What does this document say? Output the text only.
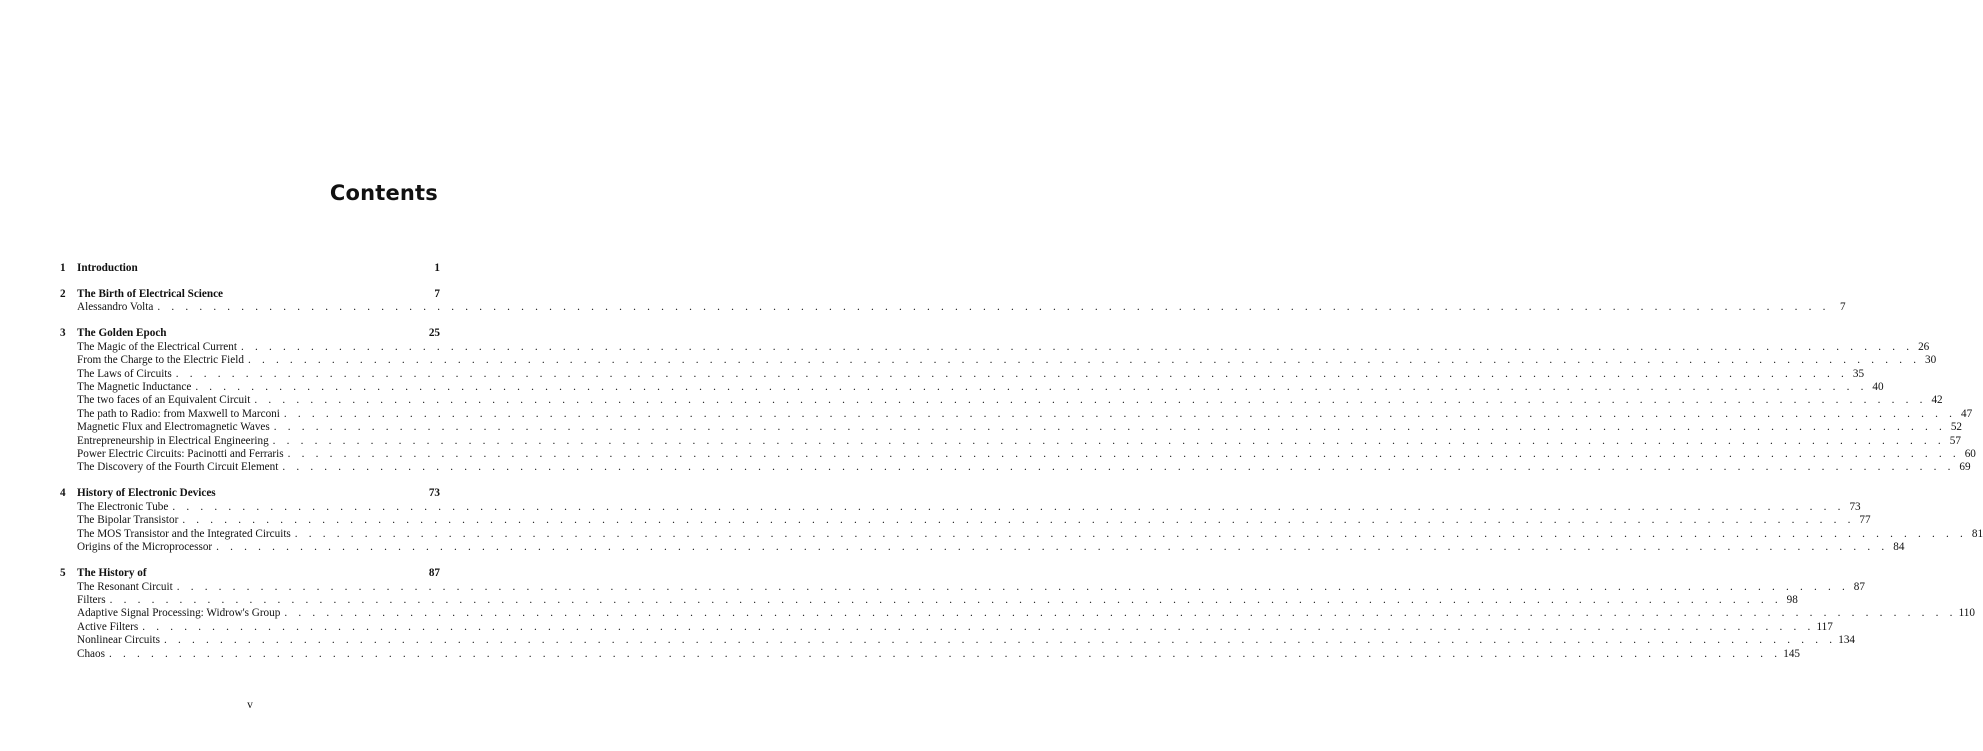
Contents
1	Introduction	1
2	The Birth of Electrical Science	7
Alessandro Volta . . . . . . . . . . . . . . . . . . . . . . . . . . . . . . . . . . . . . . . . . . . . . . . . . . . . . . . . . . . . . . . . . . . . . . . . . . . . . . . . . . . . . . . . . . . . . . . . . . . . . . . . . . . . . . . . . . . . . . . . 7
3	The Golden Epoch	25
The Magic of the Electrical Current . . . . . . . . . . . . . . . . . . . . . . . . . . . . . . . . . . . . . . . . . . . . . . . . . . . . . . . . . . . . . . . . . . . . . . . . . . . . . . . . . . . . . . . . . . . . . . . . . . . . . . . . . . . . . . . . . . . . . . . . 26
From the Charge to the Electric Field . . . . . . . . . . . . . . . . . . . . . . . . . . . . . . . . . . . . . . . . . . . . . . . . . . . . . . . . . . . . . . . . . . . . . . . . . . . . . . . . . . . . . . . . . . . . . . . . . . . . . . . . . . . . . . . . . . . . . . . . 30
The Laws of Circuits . . . . . . . . . . . . . . . . . . . . . . . . . . . . . . . . . . . . . . . . . . . . . . . . . . . . . . . . . . . . . . . . . . . . . . . . . . . . . . . . . . . . . . . . . . . . . . . . . . . . . . . . . . . . . . . . . . . . . . . . 35
The Magnetic Inductance . . . . . . . . . . . . . . . . . . . . . . . . . . . . . . . . . . . . . . . . . . . . . . . . . . . . . . . . . . . . . . . . . . . . . . . . . . . . . . . . . . . . . . . . . . . . . . . . . . . . . . . . . . . . . . . . . . . . . . . . 40
The two faces of an Equivalent Circuit . . . . . . . . . . . . . . . . . . . . . . . . . . . . . . . . . . . . . . . . . . . . . . . . . . . . . . . . . . . . . . . . . . . . . . . . . . . . . . . . . . . . . . . . . . . . . . . . . . . . . . . . . . . . . . . . . . . . . . . . 42
The path to Radio: from Maxwell to Marconi . . . . . . . . . . . . . . . . . . . . . . . . . . . . . . . . . . . . . . . . . . . . . . . . . . . . . . . . . . . . . . . . . . . . . . . . . . . . . . . . . . . . . . . . . . . . . . . . . . . . . . . . . . . . . . . . . . . . . . . . 47
Magnetic Flux and Electromagnetic Waves . . . . . . . . . . . . . . . . . . . . . . . . . . . . . . . . . . . . . . . . . . . . . . . . . . . . . . . . . . . . . . . . . . . . . . . . . . . . . . . . . . . . . . . . . . . . . . . . . . . . . . . . . . . . . . . . . . . . . . . . 52
Entrepreneurship in Electrical Engineering . . . . . . . . . . . . . . . . . . . . . . . . . . . . . . . . . . . . . . . . . . . . . . . . . . . . . . . . . . . . . . . . . . . . . . . . . . . . . . . . . . . . . . . . . . . . . . . . . . . . . . . . . . . . . . . . . . . . . . . . 57
Power Electric Circuits: Pacinotti and Ferraris . . . . . . . . . . . . . . . . . . . . . . . . . . . . . . . . . . . . . . . . . . . . . . . . . . . . . . . . . . . . . . . . . . . . . . . . . . . . . . . . . . . . . . . . . . . . . . . . . . . . . . . . . . . . . . . . . . . . . . . . 60
The Discovery of the Fourth Circuit Element . . . . . . . . . . . . . . . . . . . . . . . . . . . . . . . . . . . . . . . . . . . . . . . . . . . . . . . . . . . . . . . . . . . . . . . . . . . . . . . . . . . . . . . . . . . . . . . . . . . . . . . . . . . . . . . . . . . . . . . . 69
4	History of Electronic Devices	73
The Electronic Tube . . . . . . . . . . . . . . . . . . . . . . . . . . . . . . . . . . . . . . . . . . . . . . . . . . . . . . . . . . . . . . . . . . . . . . . . . . . . . . . . . . . . . . . . . . . . . . . . . . . . . . . . . . . . . . . . . . . . . . . . 73
The Bipolar Transistor . . . . . . . . . . . . . . . . . . . . . . . . . . . . . . . . . . . . . . . . . . . . . . . . . . . . . . . . . . . . . . . . . . . . . . . . . . . . . . . . . . . . . . . . . . . . . . . . . . . . . . . . . . . . . . . . . . . . . . . . 77
The MOS Transistor and the Integrated Circuits . . . . . . . . . . . . . . . . . . . . . . . . . . . . . . . . . . . . . . . . . . . . . . . . . . . . . . . . . . . . . . . . . . . . . . . . . . . . . . . . . . . . . . . . . . . . . . . . . . . . . . . . . . . . . . . . . . . . . . . . 81
Origins of the Microprocessor . . . . . . . . . . . . . . . . . . . . . . . . . . . . . . . . . . . . . . . . . . . . . . . . . . . . . . . . . . . . . . . . . . . . . . . . . . . . . . . . . . . . . . . . . . . . . . . . . . . . . . . . . . . . . . . . . . . . . . . . 84
5	The History of	87
The Resonant Circuit . . . . . . . . . . . . . . . . . . . . . . . . . . . . . . . . . . . . . . . . . . . . . . . . . . . . . . . . . . . . . . . . . . . . . . . . . . . . . . . . . . . . . . . . . . . . . . . . . . . . . . . . . . . . . . . . . . . . . . . . 87
Filters . . . . . . . . . . . . . . . . . . . . . . . . . . . . . . . . . . . . . . . . . . . . . . . . . . . . . . . . . . . . . . . . . . . . . . . . . . . . . . . . . . . . . . . . . . . . . . . . . . . . . . . . . . . . . . . . . . . . . . . . 98
Adaptive Signal Processing: Widrow's Group . . . . . . . . . . . . . . . . . . . . . . . . . . . . . . . . . . . . . . . . . . . . . . . . . . . . . . . . . . . . . . . . . . . . . . . . . . . . . . . . . . . . . . . . . . . . . . . . . . . . . . . . . . . . . . . . . . . . . . . . 110
Active Filters . . . . . . . . . . . . . . . . . . . . . . . . . . . . . . . . . . . . . . . . . . . . . . . . . . . . . . . . . . . . . . . . . . . . . . . . . . . . . . . . . . . . . . . . . . . . . . . . . . . . . . . . . . . . . . . . . . . . . . . . 117
Nonlinear Circuits . . . . . . . . . . . . . . . . . . . . . . . . . . . . . . . . . . . . . . . . . . . . . . . . . . . . . . . . . . . . . . . . . . . . . . . . . . . . . . . . . . . . . . . . . . . . . . . . . . . . . . . . . . . . . . . . . . . . . . . . 134
Chaos . . . . . . . . . . . . . . . . . . . . . . . . . . . . . . . . . . . . . . . . . . . . . . . . . . . . . . . . . . . . . . . . . . . . . . . . . . . . . . . . . . . . . . . . . . . . . . . . . . . . . . . . . . . . . . . . . . . . . . . . 145
v
